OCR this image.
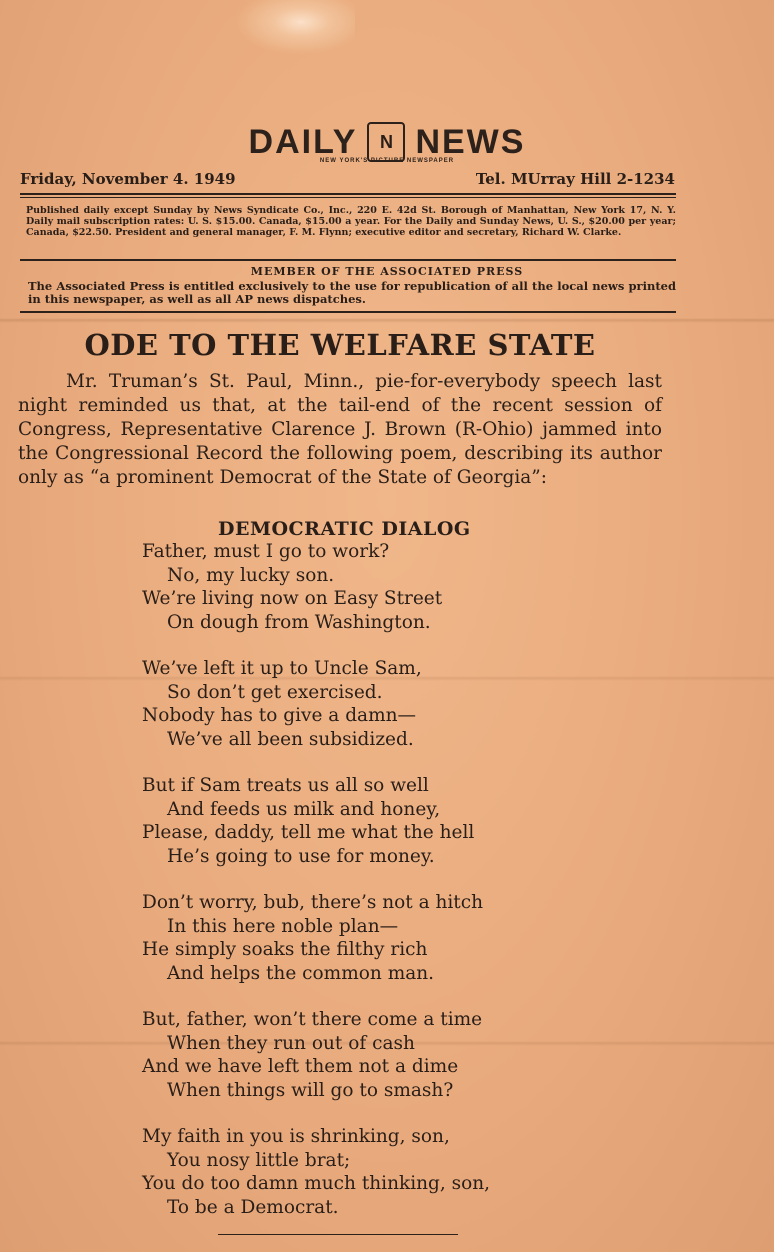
DAILY	N NEWS
NEW YORK'S PICTURE NEWSPAPER
Friday, November 4. 1949	Tel. MUrray Hill 2-1234
Published daily except Sunday by News Syndicate Co., Inc., 220 E. 42d St. Borough of Manhattan, New York 17, N. Y. Daily mail subscription rates: U. S. $15.00. Canada, $15.00 a year. For the Daily and Sunday News, U. S., $20.00 per year; Canada, $22.50. President and general manager, F. M. Flynn; executive editor and secretary, Richard W. Clarke.
MEMBER OF THE ASSOCIATED PRESS
The Associated Press is entitled exclusively to the use for republication of all the local news printed in this newspaper, as well as all AP news dispatches.
ODE TO THE WELFARE STATE

Mr. Truman’s St. Paul, Minn., pie-for-everybody speech last night reminded us that, at the tail-end of the recent session of Congress, Representative Clarence J. Brown (R-Ohio) jammed into the Congressional Record the following poem, describing its author only as “a prominent Democrat of the State of Georgia”:

DEMOCRATIC DIALOG
Father, must I go to work?
No, my lucky son.
We’re living now on Easy Street
On dough from Washington.
We’ve left it up to Uncle Sam,
So don’t get exercised.
Nobody has to give a damn—
We’ve all been subsidized.
But if Sam treats us all so well
And feeds us milk and honey,
Please, daddy, tell me what the hell
He’s going to use for money.
Don’t worry, bub, there’s not a hitch
In this here noble plan—
He simply soaks the filthy rich
And helps the common man.
But, father, won’t there come a time
When they run out of cash
And we have left them not a dime
When things will go to smash?
My faith in you is shrinking, son,
You nosy little brat;
You do too damn much thinking, son,
To be a Democrat.
